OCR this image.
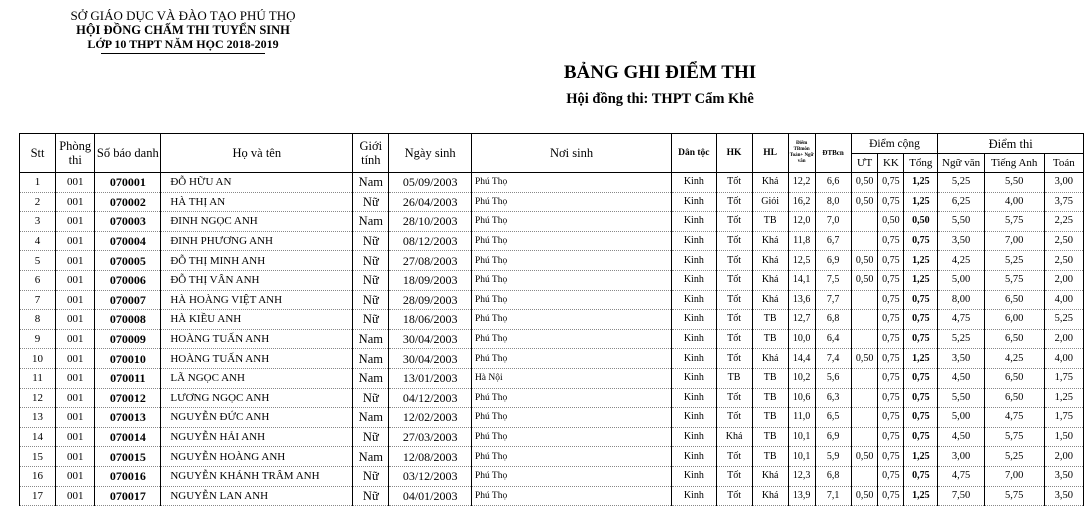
SỞ GIÁO DỤC VÀ ĐÀO TẠO PHÚ THỌ
HỘI ĐỒNG CHẤM THI TUYỂN SINH
LỚP 10 THPT NĂM HỌC 2018-2019
BẢNG GHI ĐIỂM THI
Hội đồng thi: THPT Cẩm Khê
Stt	Phòng thi	Số báo danh	Họ và tên	Giới tính	Ngày sinh	Nơi sinh	Dân tộc	HK	HL	Điểm TBmôn Toán+ Ngữ văn	ĐTBcn	Điểm cộng			Điểm thi		
												ƯT	KK	Tổng	Ngữ văn	Tiếng Anh	Toán
1	001	070001	ĐỖ HỮU AN	Nam	05/09/2003	Phú Thọ	Kinh	Tốt	Khá	12,2	6,6	0,50	0,75	1,25	5,25	5,50	3,00
2	001	070002	HÀ THỊ AN	Nữ	26/04/2003	Phú Thọ	Kinh	Tốt	Giỏi	16,2	8,0	0,50	0,75	1,25	6,25	4,00	3,75
3	001	070003	ĐINH NGỌC ANH	Nam	28/10/2003	Phú Thọ	Kinh	Tốt	TB	12,0	7,0		0,50	0,50	5,50	5,75	2,25
4	001	070004	ĐINH PHƯƠNG ANH	Nữ	08/12/2003	Phú Thọ	Kinh	Tốt	Khá	11,8	6,7		0,75	0,75	3,50	7,00	2,50
5	001	070005	ĐỖ THỊ MINH ANH	Nữ	27/08/2003	Phú Thọ	Kinh	Tốt	Khá	12,5	6,9	0,50	0,75	1,25	4,25	5,25	2,50
6	001	070006	ĐỖ THỊ VÂN ANH	Nữ	18/09/2003	Phú Thọ	Kinh	Tốt	Khá	14,1	7,5	0,50	0,75	1,25	5,00	5,75	2,00
7	001	070007	HÀ HOÀNG VIỆT ANH	Nữ	28/09/2003	Phú Thọ	Kinh	Tốt	Khá	13,6	7,7		0,75	0,75	8,00	6,50	4,00
8	001	070008	HÀ KIỀU ANH	Nữ	18/06/2003	Phú Thọ	Kinh	Tốt	TB	12,7	6,8		0,75	0,75	4,75	6,00	5,25
9	001	070009	HOÀNG TUẤN ANH	Nam	30/04/2003	Phú Thọ	Kinh	Tốt	TB	10,0	6,4		0,75	0,75	5,25	6,50	2,00
10	001	070010	HOÀNG TUẤN ANH	Nam	30/04/2003	Phú Thọ	Kinh	Tốt	Khá	14,4	7,4	0,50	0,75	1,25	3,50	4,25	4,00
11	001	070011	LÃ NGỌC ANH	Nam	13/01/2003	Hà Nội	Kinh	TB	TB	10,2	5,6		0,75	0,75	4,50	6,50	1,75
12	001	070012	LƯƠNG NGỌC ANH	Nữ	04/12/2003	Phú Thọ	Kinh	Tốt	TB	10,6	6,3		0,75	0,75	5,50	6,50	1,25
13	001	070013	NGUYỄN ĐỨC ANH	Nam	12/02/2003	Phú Thọ	Kinh	Tốt	TB	11,0	6,5		0,75	0,75	5,00	4,75	1,75
14	001	070014	NGUYỄN HẢI ANH	Nữ	27/03/2003	Phú Thọ	Kinh	Khá	TB	10,1	6,9		0,75	0,75	4,50	5,75	1,50
15	001	070015	NGUYỄN HOÀNG ANH	Nam	12/08/2003	Phú Thọ	Kinh	Tốt	TB	10,1	5,9	0,50	0,75	1,25	3,00	5,25	2,00
16	001	070016	NGUYỄN KHÁNH TRÂM ANH	Nữ	03/12/2003	Phú Thọ	Kinh	Tốt	Khá	12,3	6,8		0,75	0,75	4,75	7,00	3,50
17	001	070017	NGUYỄN LAN ANH	Nữ	04/01/2003	Phú Thọ	Kinh	Tốt	Khá	13,9	7,1	0,50	0,75	1,25	7,50	5,75	3,50
